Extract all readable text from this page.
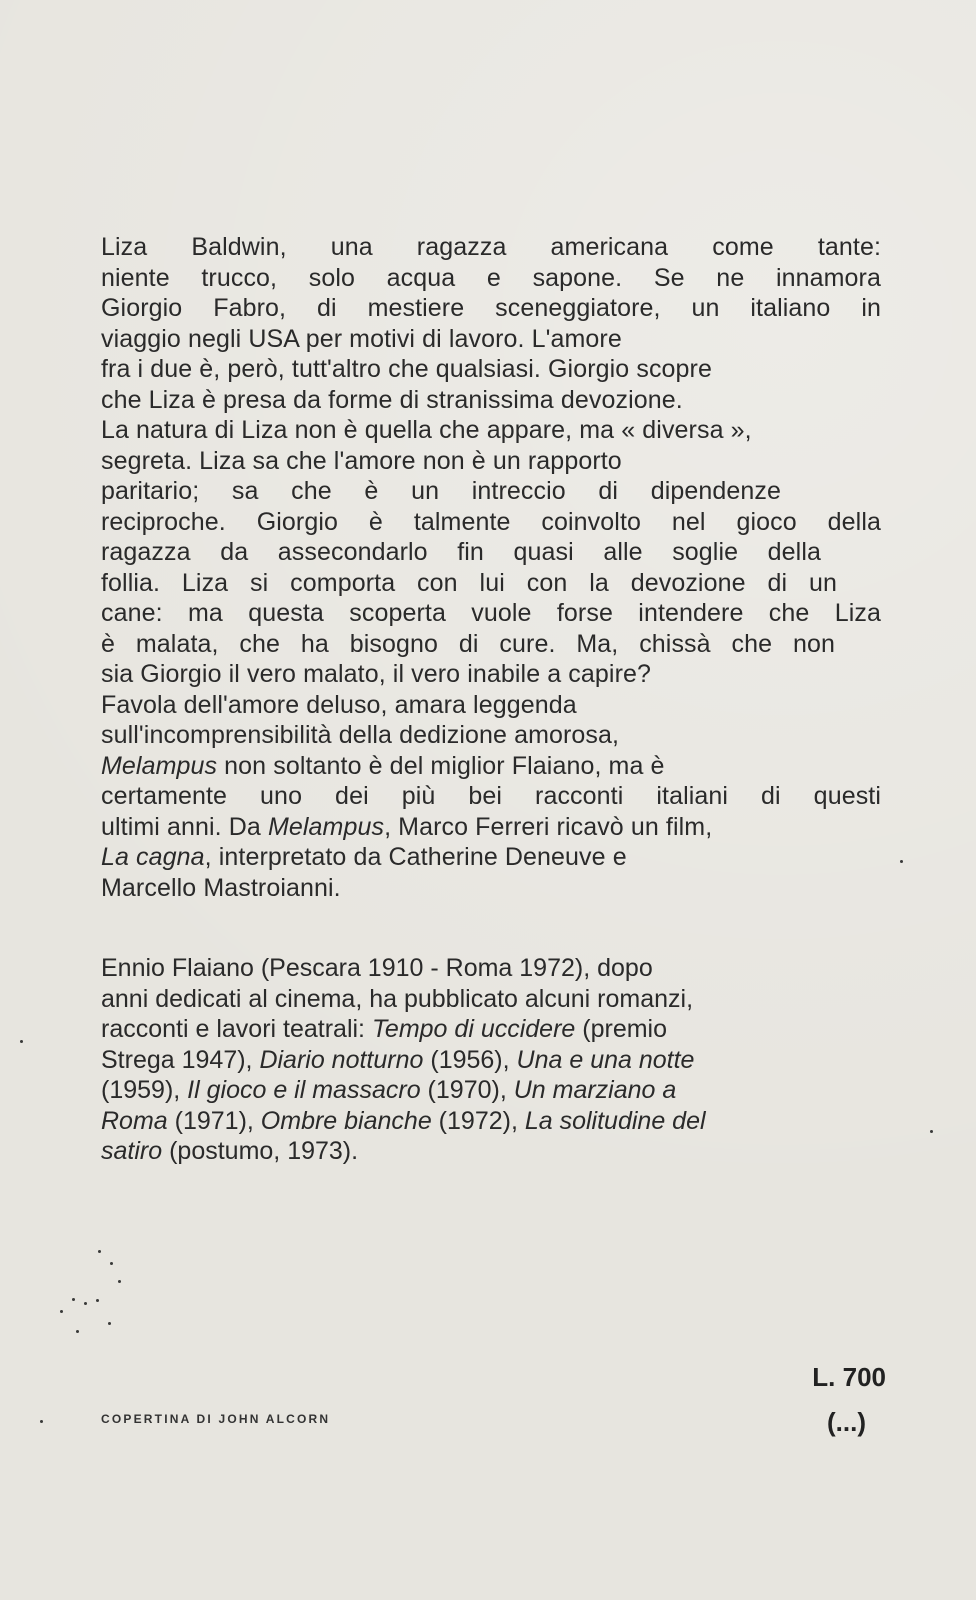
Liza Baldwin, una ragazza americana come tante:
niente trucco, solo acqua e sapone. Se ne innamora
Giorgio Fabro, di mestiere sceneggiatore, un italiano in
viaggio negli USA per motivi di lavoro. L'amore
fra i due è, però, tutt'altro che qualsiasi. Giorgio scopre
che Liza è presa da forme di stranissima devozione.
La natura di Liza non è quella che appare, ma « diversa »,
segreta. Liza sa che l'amore non è un rapporto
paritario; sa che è un intreccio di dipendenze
reciproche. Giorgio è talmente coinvolto nel gioco della
ragazza da assecondarlo fin quasi alle soglie della
follia. Liza si comporta con lui con la devozione di un
cane: ma questa scoperta vuole forse intendere che Liza
è malata, che ha bisogno di cure. Ma, chissà che non
sia Giorgio il vero malato, il vero inabile a capire?
Favola dell'amore deluso, amara leggenda
sull'incomprensibilità della dedizione amorosa,
Melampus non soltanto è del miglior Flaiano, ma è
certamente uno dei più bei racconti italiani di questi
ultimi anni. Da Melampus, Marco Ferreri ricavò un film,
La cagna, interpretato da Catherine Deneuve e
Marcello Mastroianni.

Ennio Flaiano (Pescara 1910 - Roma 1972), dopo
anni dedicati al cinema, ha pubblicato alcuni romanzi,
racconti e lavori teatrali: Tempo di uccidere (premio
Strega 1947), Diario notturno (1956), Una e una notte
(1959), Il gioco e il massacro (1970), Un marziano a
Roma (1971), Ombre bianche (1972), La solitudine del
satiro (postumo, 1973).

COPERTINA DI JOHN ALCORN
L. 700
(...)
